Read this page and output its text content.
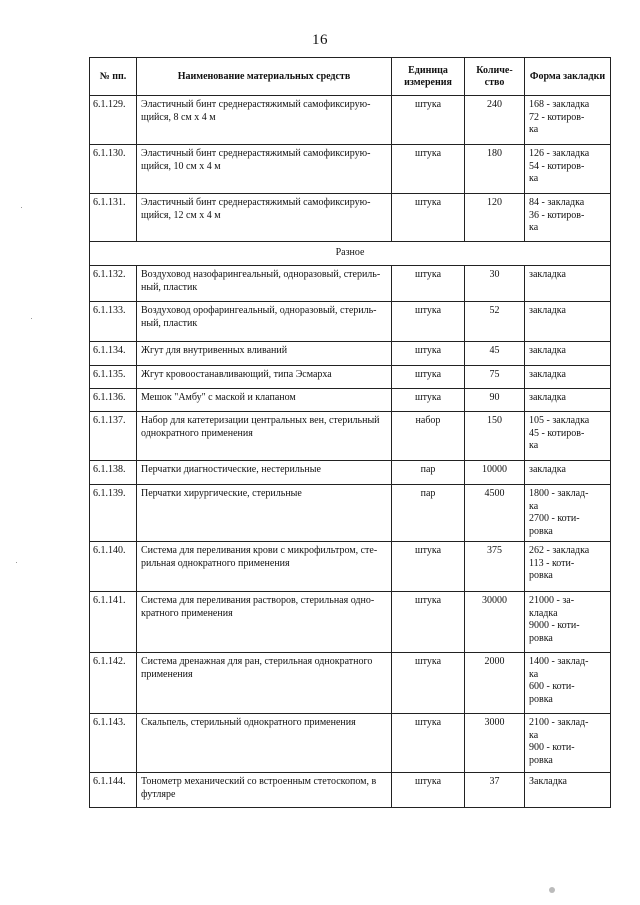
16
№ пп.	Наименование материальных средств	Единица измерения	Количе-ство	Форма закладки
6.1.129.	Эластичный бинт среднерастяжимый самофиксирую-щийся, 8 см х 4 м	штука	240	168 - закладка
72 - котиров-
ка

6.1.130.	Эластичный бинт среднерастяжимый самофиксирую-щийся, 10 см х 4 м	штука	180	126 - закладка
54 - котиров-
ка

6.1.131.	Эластичный бинт среднерастяжимый самофиксирую-щийся, 12 см х 4 м	штука	120	84 - закладка
36 - котиров-
ка

Разное				
6.1.132.	Воздуховод назофарингеальный, одноразовый, стериль-ный, пластик	штука	30	закладка

6.1.133.	Воздуховод орофарингеальный, одноразовый, стериль-ный, пластик	штука	52	закладка

6.1.134.	Жгут для внутривенных вливаний	штука	45	закладка

6.1.135.	Жгут кровоостанавливающий, типа Эсмарха	штука	75	закладка

6.1.136.	Мешок "Амбу" с маской и клапаном	штука	90	закладка

6.1.137.	Набор для катетеризации центральных вен, стерильный однократного применения	набор	150	105 - закладка
45 - котиров-
ка

6.1.138.	Перчатки диагностические, нестерильные	пар	10000	закладка

6.1.139.	Перчатки хирургические, стерильные	пар	4500	1800 - заклад-
ка
2700 - коти-
ровка

6.1.140.	Система для переливания крови с микрофильтром, сте-рильная однократного применения	штука	375	262 - закладка
113 - коти-
ровка

6.1.141.	Система для переливания растворов, стерильная одно-кратного применения	штука	30000	21000 - за-
кладка
9000 - коти-
ровка

6.1.142.	Система дренажная для ран, стерильная однократного применения	штука	2000	1400 - заклад-
ка
600 - коти-
ровка

6.1.143.	Скальпель, стерильный однократного применения	штука	3000	2100 - заклад-
ка
900 - коти-
ровка

6.1.144.	Тонометр механический со встроенным стетоскопом, в футляре	штука	37	Закладка
